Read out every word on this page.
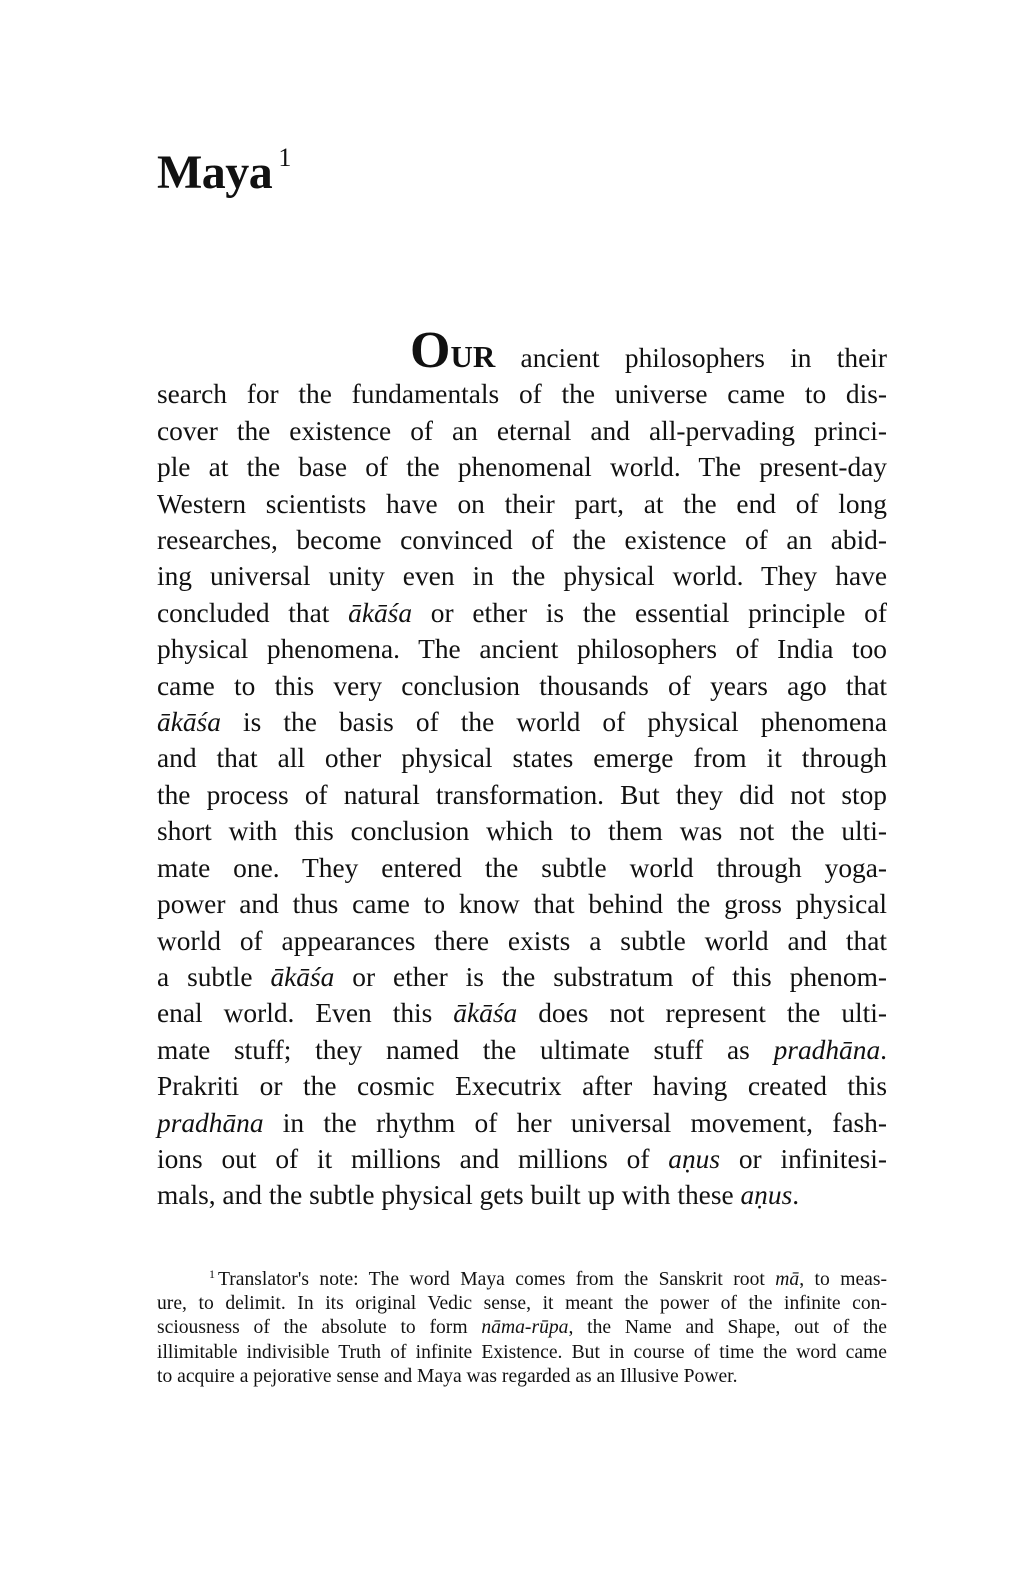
Maya $^1$
OUR ancient philosophers in their
search for the fundamentals of the universe came to dis-
cover the existence of an eternal and all-pervading princi-
ple at the base of the phenomenal world. The present-day
Western scientists have on their part, at the end of long
researches, become convinced of the existence of an abid-
ing universal unity even in the physical world. They have
concluded that ākāśa or ether is the essential principle of
physical phenomena. The ancient philosophers of India too
came to this very conclusion thousands of years ago that
ākāśa is the basis of the world of physical phenomena
and that all other physical states emerge from it through
the process of natural transformation. But they did not stop
short with this conclusion which to them was not the ulti-
mate one. They entered the subtle world through yoga-
power and thus came to know that behind the gross physical
world of appearances there exists a subtle world and that
a subtle ākāśa or ether is the substratum of this phenom-
enal world. Even this ākāśa does not represent the ulti-
mate stuff; they named the ultimate stuff as pradhāna.
Prakriti or the cosmic Executrix after having created this
pradhāna in the rhythm of her universal movement, fash-
ions out of it millions and millions of aṇus or infinitesi-
mals, and the subtle physical gets built up with these aṇus.
$^1$ Translator's note: The word Maya comes from the Sanskrit root mā, to meas-
ure, to delimit. In its original Vedic sense, it meant the power of the infinite con-
sciousness of the absolute to form nāma-rūpa, the Name and Shape, out of the
illimitable indivisible Truth of infinite Existence. But in course of time the word came
to acquire a pejorative sense and Maya was regarded as an Illusive Power.
